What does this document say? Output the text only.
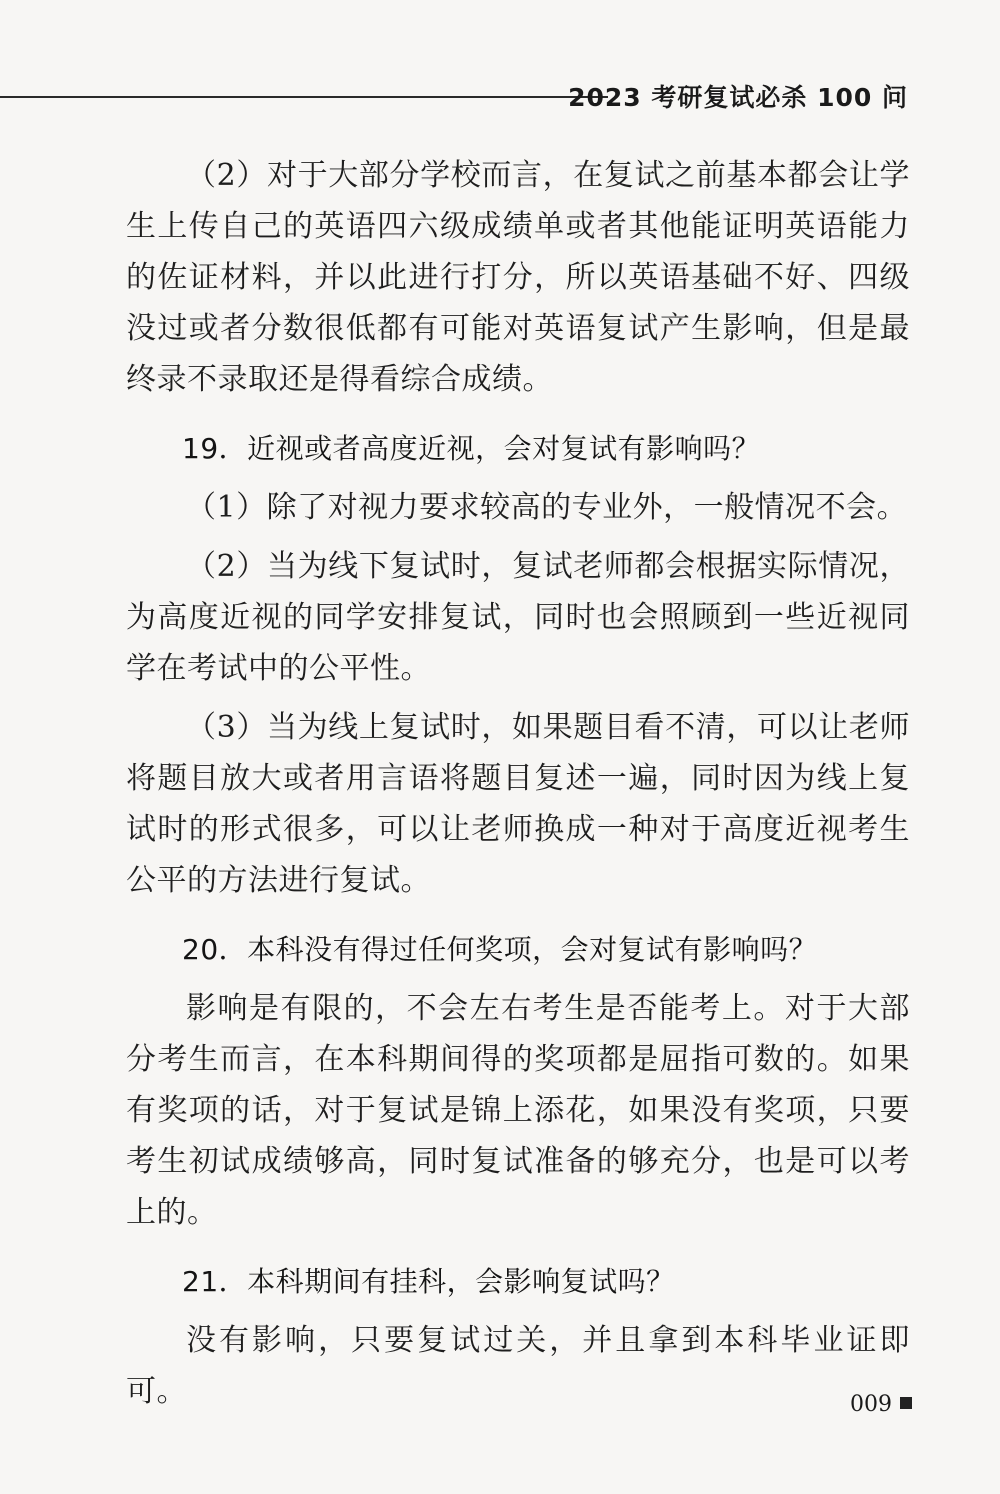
2023 考研复试必杀 100 问

（2）对于大部分学校而言，在复试之前基本都会让学生上传自己的英语四六级成绩单或者其他能证明英语能力的佐证材料，并以此进行打分，所以英语基础不好、四级没过或者分数很低都有可能对英语复试产生影响，但是最终录不录取还是得看综合成绩。

19．近视或者高度近视，会对复试有影响吗？

（1）除了对视力要求较高的专业外，一般情况不会。

（2）当为线下复试时，复试老师都会根据实际情况，为高度近视的同学安排复试，同时也会照顾到一些近视同学在考试中的公平性。

（3）当为线上复试时，如果题目看不清，可以让老师将题目放大或者用言语将题目复述一遍，同时因为线上复试时的形式很多，可以让老师换成一种对于高度近视考生公平的方法进行复试。

20．本科没有得过任何奖项，会对复试有影响吗？

影响是有限的，不会左右考生是否能考上。对于大部分考生而言，在本科期间得的奖项都是屈指可数的。如果有奖项的话，对于复试是锦上添花，如果没有奖项，只要考生初试成绩够高，同时复试准备的够充分，也是可以考上的。

21．本科期间有挂科，会影响复试吗？

没有影响，只要复试过关，并且拿到本科毕业证即可。	009
